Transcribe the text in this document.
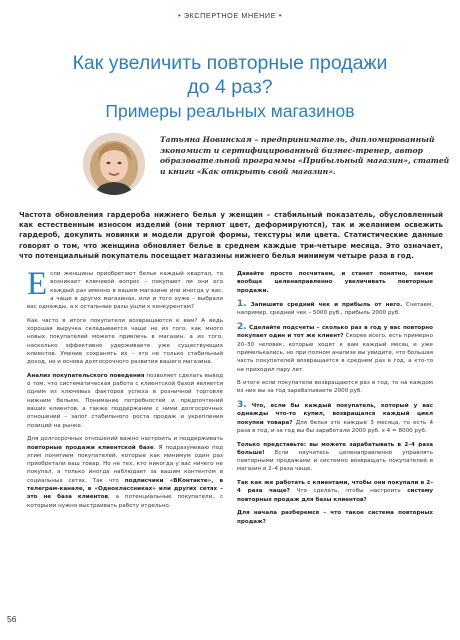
• ЭКСПЕРТНОЕ МНЕНИЕ •
Как увеличить повторные продажи
до 4 раз?
Примеры реальных магазинов
Татьяна Новинская – предприниматель, дипломированный экономист и сертифицированный бизнес-тренер, автор образовательной программы «Прибыльный магазин», статей и книги «Как открыть свой магазин».
Частота обновления гардероба нижнего белья у женщин – стабильный показатель, обусловленный как естественным износом изделий (они теряют цвет, деформируются), так и желанием освежить гардероб, докупить новинки и модели другой формы, текстуры или цвета. Статистические данные говорят о том, что женщина обновляет белье в среднем каждые три-четыре месяца. Это означает, что потенциальный покупатель посещает магазины нижнего белья минимум четыре раза в год.

Если женщины приобретают белье каждый квартал, то возникает ключевой вопрос – покупают ли они его каждый раз именно в вашем магазине или иногда у вас, а чаще в других магазинах, или и того хуже – выбрали вас однажды, а к остальные разы ушли к конкурентам?

Как часто в итоге покупатели возвращаются к вам? А ведь хорошая выручка складывается чаще не из того, как много новых покупателей можете привлечь в магазин, а из того, насколько эффективно удерживаете уже существующих клиентов. Умение сохранять их – это не только стабильный доход, но и основа долгосрочного развития вашего магазина.

Анализ покупательского поведения позволяет сделать вывод о том, что систематическая работа с клиентской базой является одним из ключевых факторов успеха в розничной торговле нижним бельем. Понимание потребностей и предпочтений ваших клиентов, а также поддержание с ними долгосрочных отношений – залог стабильного роста продаж и укрепления позиций на рынке.

Для долгосрочных отношений важно настроить и поддерживать повторные продажи клиентской базе. Я подразумеваю под этим понятием покупателей, которые как минимум один раз приобретали ваш товар. Но не тех, кто никогда у вас ничего не покупал, а только иногда наблюдает за вашим контентом в социальных сетях. Так что подписчики «ВКонтакте», в телеграм-канале, в «Одноклассниках» или других сетях – это не база клиентов, а потенциальные покупатели, с которыми нужно выстраивать работу отдельно.

Давайте просто посчитаем, и станет понятно, зачем вообще целенаправленно увеличивать повторные продажи.

1. Запишите средний чек и прибыль от него. Считаем, например, средний чек – 5000 руб., прибыль 2000 руб.

2. Сделайте подсчеты – сколько раз в год у вас повторно покупает один и тот же клиент? Скорее всего, есть примерно 20–30 человек, которые ходят к вам каждый месяц и уже примелькались, но при полном анализе вы увидите, что большая часть покупателей возвращается в среднем раз в год, а кто-то не приходил пару лет.

В итоге если покупатели возвращаются раз в год, то на каждом из них вы за год зарабатываете 2000 руб.

3. Что, если бы каждый покупатель, который у вас однажды что-то купил, возвращался каждый цикл покупки товара? Для белья это каждые 3 месяца, то есть 4 раза в год, и за год вы бы заработали 2000 руб. x 4 = 8000 руб.

Только представьте: вы можете зарабатывать в 2–4 раза больше! Если научитесь целенаправленно управлять повторными продажами и системно возвращать покупателей в магазин в 2–4 раза чаще.

Так как же работать с клиентами, чтобы они покупали в 2–4 раза чаще? Что сделать, чтобы настроить систему повторных продаж для базы клиентов?

Для начала разберемся – что такое система повторных продаж?

56
